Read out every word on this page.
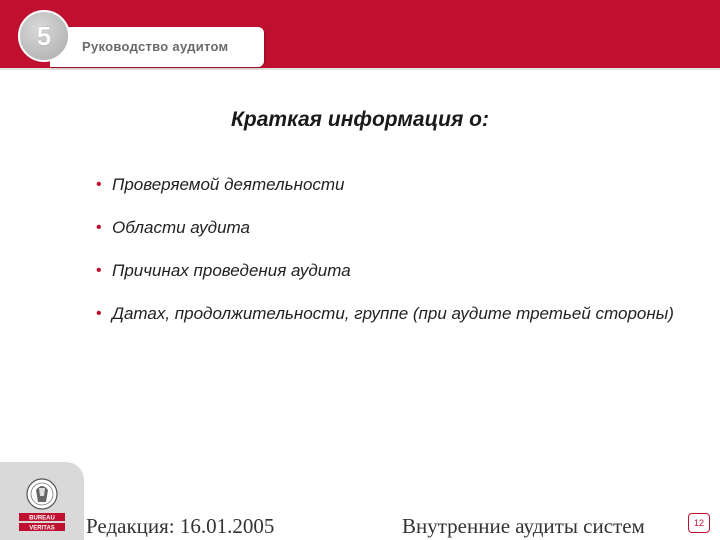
5 Руководство аудитом
Краткая информация о:
• Проверяемой деятельности
• Области аудита
• Причинах проведения аудита
• Датах, продолжительности, группе (при аудите третьей стороны)
BUREAU
VERITAS Редакция: 16.01.2005	Внутренние аудиты систем	12
